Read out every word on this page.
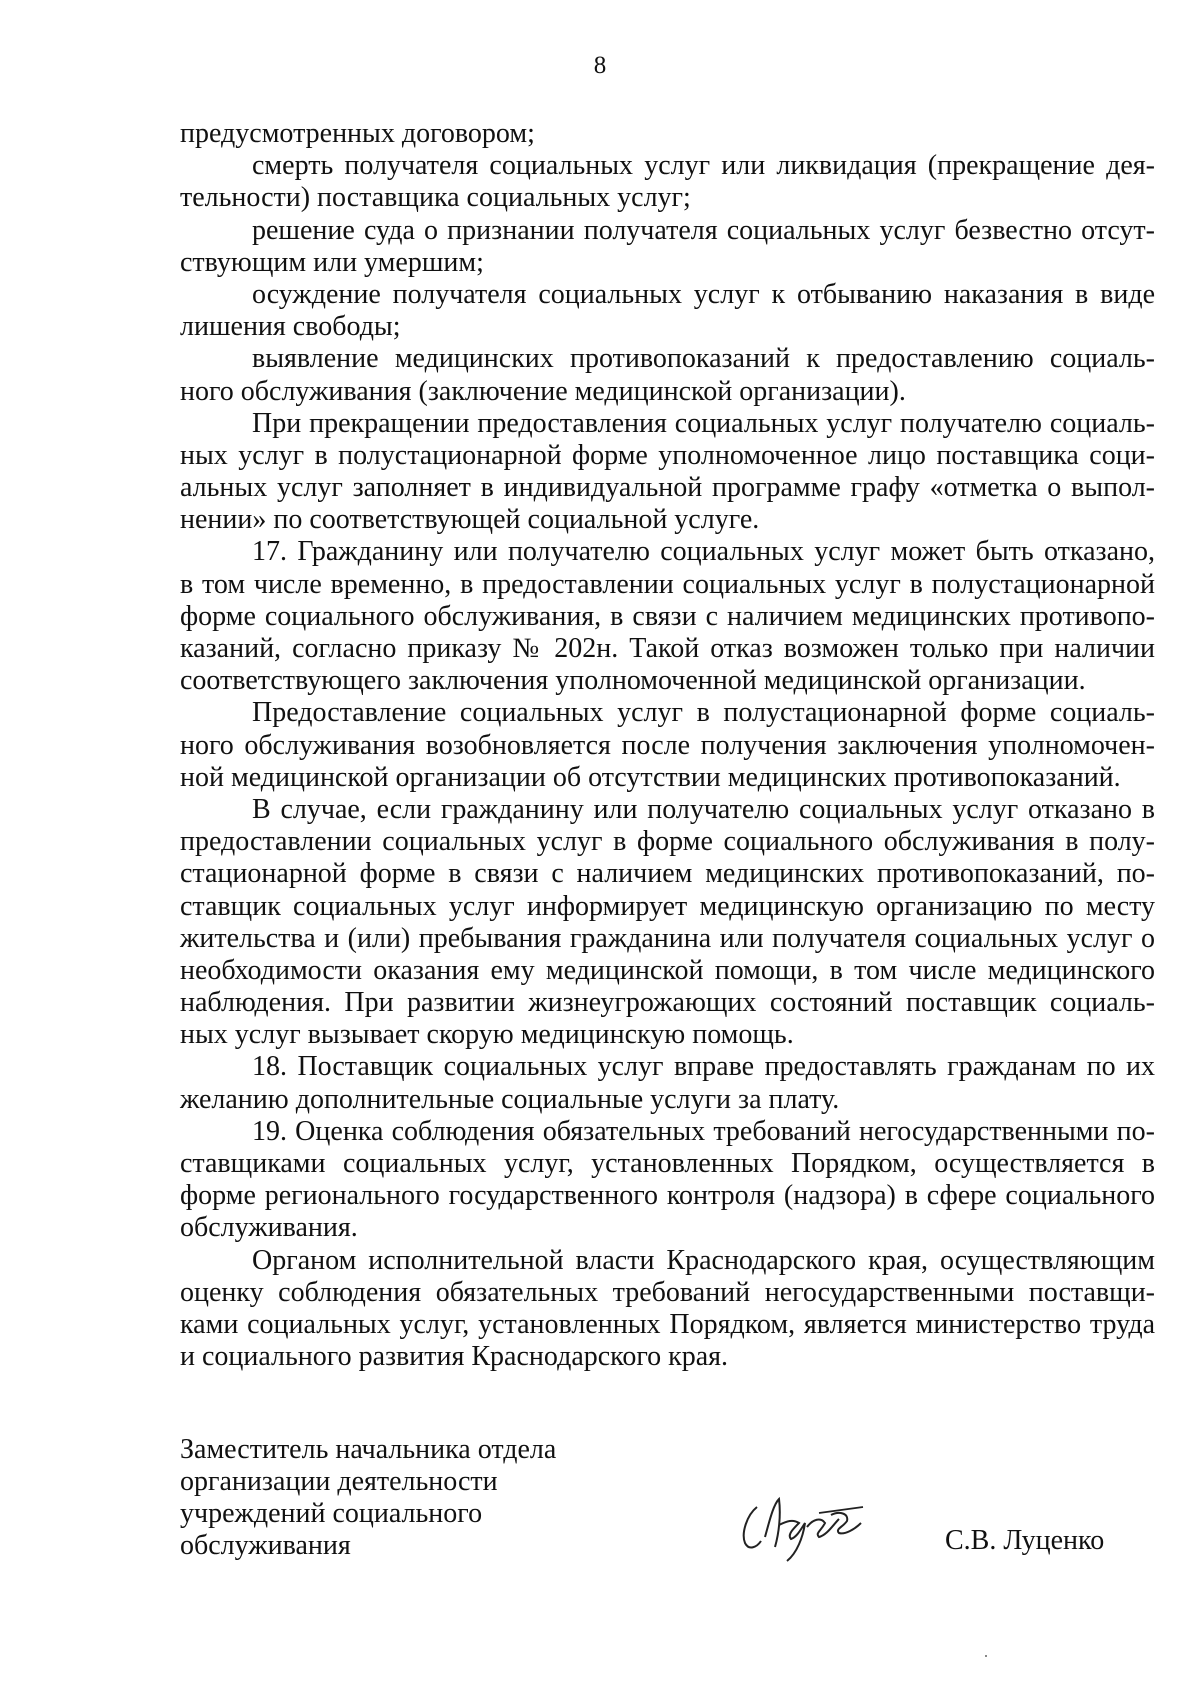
8
предусмотренных договором;
смерть получателя социальных услуг или ликвидация (прекращение дея-
тельности) поставщика социальных услуг;
решение суда о признании получателя социальных услуг безвестно отсут-
ствующим или умершим;
осуждение получателя социальных услуг к отбыванию наказания в виде
лишения свободы;
выявление медицинских противопоказаний к предоставлению социаль-
ного обслуживания (заключение медицинской организации).
При прекращении предоставления социальных услуг получателю социаль-
ных услуг в полустационарной форме уполномоченное лицо поставщика соци-
альных услуг заполняет в индивидуальной программе графу «отметка о выпол-
нении» по соответствующей социальной услуге.
17. Гражданину или получателю социальных услуг может быть отказано,
в том числе временно, в предоставлении социальных услуг в полустационарной
форме социального обслуживания, в связи с наличием медицинских противопо-
казаний, согласно приказу № 202н. Такой отказ возможен только при наличии
соответствующего заключения уполномоченной медицинской организации.
Предоставление социальных услуг в полустационарной форме социаль-
ного обслуживания возобновляется после получения заключения уполномочен-
ной медицинской организации об отсутствии медицинских противопоказаний.
В случае, если гражданину или получателю социальных услуг отказано в
предоставлении социальных услуг в форме социального обслуживания в полу-
стационарной форме в связи с наличием медицинских противопоказаний, по-
ставщик социальных услуг информирует медицинскую организацию по месту
жительства и (или) пребывания гражданина или получателя социальных услуг о
необходимости оказания ему медицинской помощи, в том числе медицинского
наблюдения. При развитии жизнеугрожающих состояний поставщик социаль-
ных услуг вызывает скорую медицинскую помощь.
18. Поставщик социальных услуг вправе предоставлять гражданам по их
желанию дополнительные социальные услуги за плату.
19. Оценка соблюдения обязательных требований негосударственными по-
ставщиками социальных услуг, установленных Порядком, осуществляется в
форме регионального государственного контроля (надзора) в сфере социального
обслуживания.
Органом исполнительной власти Краснодарского края, осуществляющим
оценку соблюдения обязательных требований негосударственными поставщи-
ками социальных услуг, установленных Порядком, является министерство труда
и социального развития Краснодарского края.
Заместитель начальника отдела
организации деятельности
учреждений социального
обслуживания	С.В. Луценко
